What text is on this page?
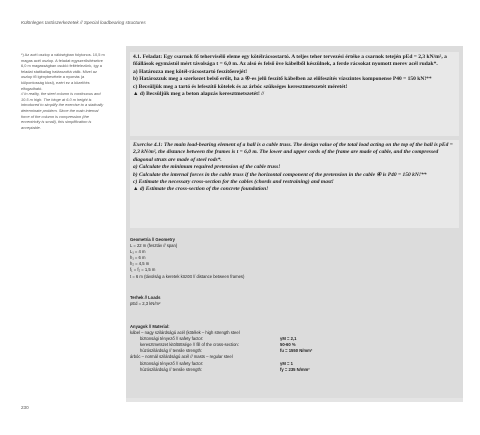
Különleges tartószerkezetek // Special loadbearing structures
*) Az acél oszlop a válóségban folytonos. 10,5 m magas acél oszlop. A feladat egyszerűsítésekre 6,0 m magasságban csukló feltételezünk, így a feladat statikailag határozottá válik. Mivel az oszlop fő igénybevétele a nyomás (a külpontosság kicsi), ezért ez a közelítés elfogadható.
// In reality, the steel column is continuous and 10.5 m high. The hinge at 6.0 m height is introduced to simplify the exercise to a statically determinate problem. Since the main internal force of the column is compression (the eccentricity is small), this simplification is acceptable.

4.1. Feladat: Egy csarnok fő tehervisélő eleme egy kötélrácsostartó. A teljes teher tervezési értéke a csarnok tetején pEd = 2,3 kN/m², a főállások egymástól mért távolsága t = 6,0 m. Az alsó és felső öve kábelből készülnek, a ferde rácsokat nyomott merev acél rudak*.

a) Határozza meg kötél-rácsostartó feszítőerejét!

b) Határozzuk meg a szerkezet belső erőit, ha a ④-es jelű feszítő kábelben az előfeszítés vízszintes komponense P40 = 150 kN!**

c) Becsüljük meg a tartó és lefeszítő kötelek és az árbóc szükséges keresztmetszetét méretét!

▲ d) Becsüljük meg a beton alapzás keresztmetszetét! //

Exercise 4.1: The main load-bearing element of a hall is a cable truss. The design value of the total load acting on the top of the hall is pEd = 2,3 kN/m², the distance between the frames is t = 6,0 m. The lower and upper cords of the frame are made of cable, and the compressed diagonal struts are made of steel rods*.

a) Calculate the minimum required pretension of the cable truss!

b) Calculate the internal forces in the cable truss if the horizontal component of the pretension in the cable ④ is P40 = 150 kN!**

c) Estimate the necessary cross-section for the cables (chords and restraining) and mast!

▲ d) Estimate the cross-section of the concrete foundation!

Geometria // Geometry
L = 22 m (fesztáv // span)
L₁ = 4 m
h₁ = 6 m
h₂ = 4,5 m
f₁ = f₂ = 1,5 m
t = 6 m (távolság a keretek között // distance between frames)
Terhek // Loads
pEd = 2,3 kN/m²
Anyagok // Material:
kábel – nagy szilárdságú acél (kötélek – high strength steel
biztonsági tényező // safety factor:	γM = 2,1
keresztmetszet kitöltöttsége // fill of the cross-section:	50-60 %
húzószilárdság // tensile strength:	fu = 1550 N/mm²
árbóc – normál szilárdságú acél // masts – regular steel
biztonsági tényező // safety factor:	γM = 1
húzószilárdság // tensile strength:	fy = 235 N/mm²
230
